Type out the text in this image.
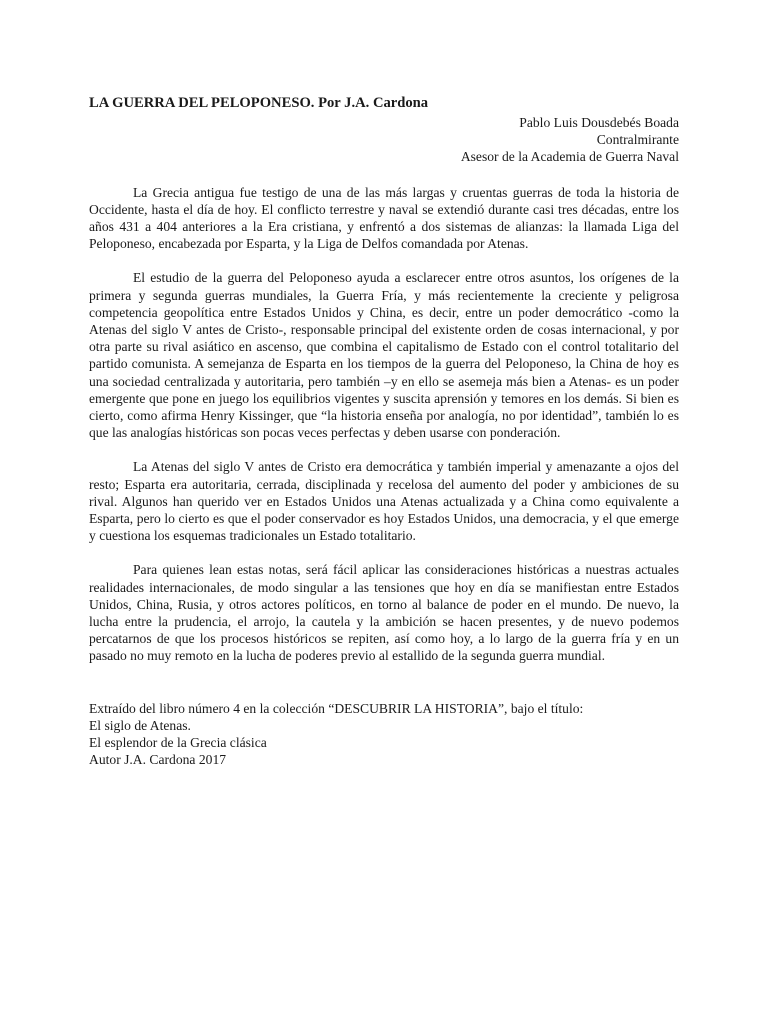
LA GUERRA DEL PELOPONESO. Por J.A. Cardona
Pablo Luis Dousdebés Boada
Contralmirante
Asesor de la Academia de Guerra Naval

La Grecia antigua fue testigo de una de las más largas y cruentas guerras de toda la historia de Occidente, hasta el día de hoy. El conflicto terrestre y naval se extendió durante casi tres décadas, entre los años 431 a 404 anteriores a la Era cristiana, y enfrentó a dos sistemas de alianzas: la llamada Liga del Peloponeso, encabezada por Esparta, y la Liga de Delfos comandada por Atenas.

El estudio de la guerra del Peloponeso ayuda a esclarecer entre otros asuntos, los orígenes de la primera y segunda guerras mundiales, la Guerra Fría, y más recientemente la creciente y peligrosa competencia geopolítica entre Estados Unidos y China, es decir, entre un poder democrático -como la Atenas del siglo V antes de Cristo-, responsable principal del existente orden de cosas internacional, y por otra parte su rival asiático en ascenso, que combina el capitalismo de Estado con el control totalitario del partido comunista. A semejanza de Esparta en los tiempos de la guerra del Peloponeso, la China de hoy es una sociedad centralizada y autoritaria, pero también –y en ello se asemeja más bien a Atenas- es un poder emergente que pone en juego los equilibrios vigentes y suscita aprensión y temores en los demás. Si bien es cierto, como afirma Henry Kissinger, que “la historia enseña por analogía, no por identidad”, también lo es que las analogías históricas son pocas veces perfectas y deben usarse con ponderación.

La Atenas del siglo V antes de Cristo era democrática y también imperial y amenazante a ojos del resto; Esparta era autoritaria, cerrada, disciplinada y recelosa del aumento del poder y ambiciones de su rival. Algunos han querido ver en Estados Unidos una Atenas actualizada y a China como equivalente a Esparta, pero lo cierto es que el poder conservador es hoy Estados Unidos, una democracia, y el que emerge y cuestiona los esquemas tradicionales un Estado totalitario.

Para quienes lean estas notas, será fácil aplicar las consideraciones históricas a nuestras actuales realidades internacionales, de modo singular a las tensiones que hoy en día se manifiestan entre Estados Unidos, China, Rusia, y otros actores políticos, en torno al balance de poder en el mundo. De nuevo, la lucha entre la prudencia, el arrojo, la cautela y la ambición se hacen presentes, y de nuevo podemos percatarnos de que los procesos históricos se repiten, así como hoy, a lo largo de la guerra fría y en un pasado no muy remoto en la lucha de poderes previo al estallido de la segunda guerra mundial.

Extraído del libro número 4 en la colección “DESCUBRIR LA HISTORIA”, bajo el título:
El siglo de Atenas.
El esplendor de la Grecia clásica
Autor J.A. Cardona 2017
